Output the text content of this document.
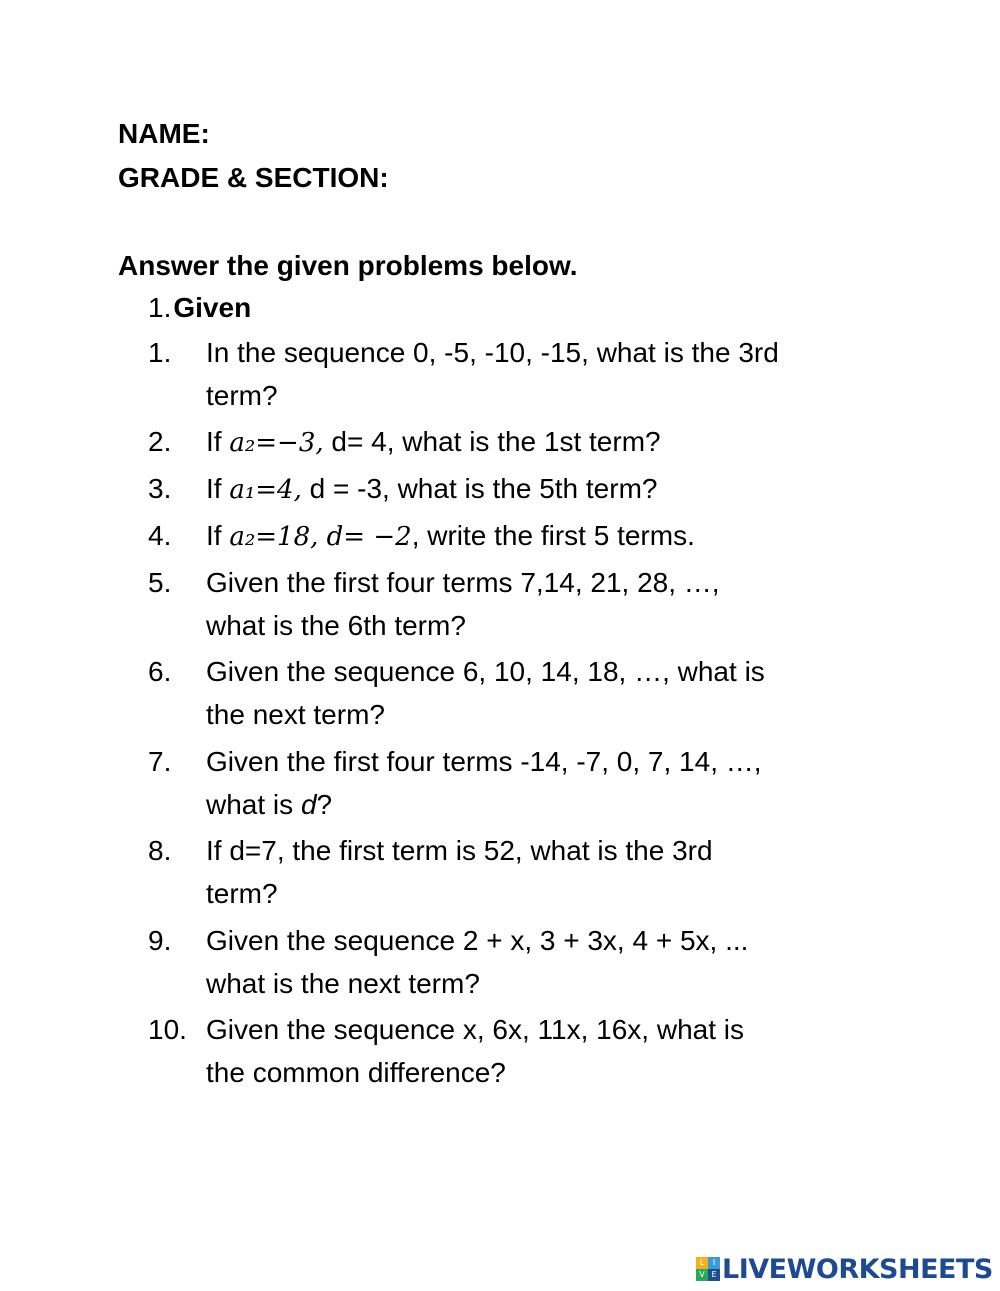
NAME:
GRADE & SECTION:
Answer the given problems below.
1.Given
1.	In the sequence 0, -5, -10, -15, what is the 3rd
term?
2.	If a₂=−3, d= 4, what is the 1st term?
3.	If a₁=4, d = -3, what is the 5th term?
4.	If a₂=18, d= −2, write the first 5 terms.
5.	Given the first four terms 7,14, 21, 28, …,
what is the 6th term?
6.	Given the sequence 6, 10, 14, 18, …, what is
the next term?
7.	Given the first four terms -14, -7, 0, 7, 14, …,
what is d?
8.	If d=7, the first term is 52, what is the 3rd
term?
9.	Given the sequence 2 + x, 3 + 3x, 4 + 5x, ...
what is the next term?
10. Given the sequence x, 6x, 11x, 16x, what is
the common difference?
L	I
V E LIVEWORKSHEETS
